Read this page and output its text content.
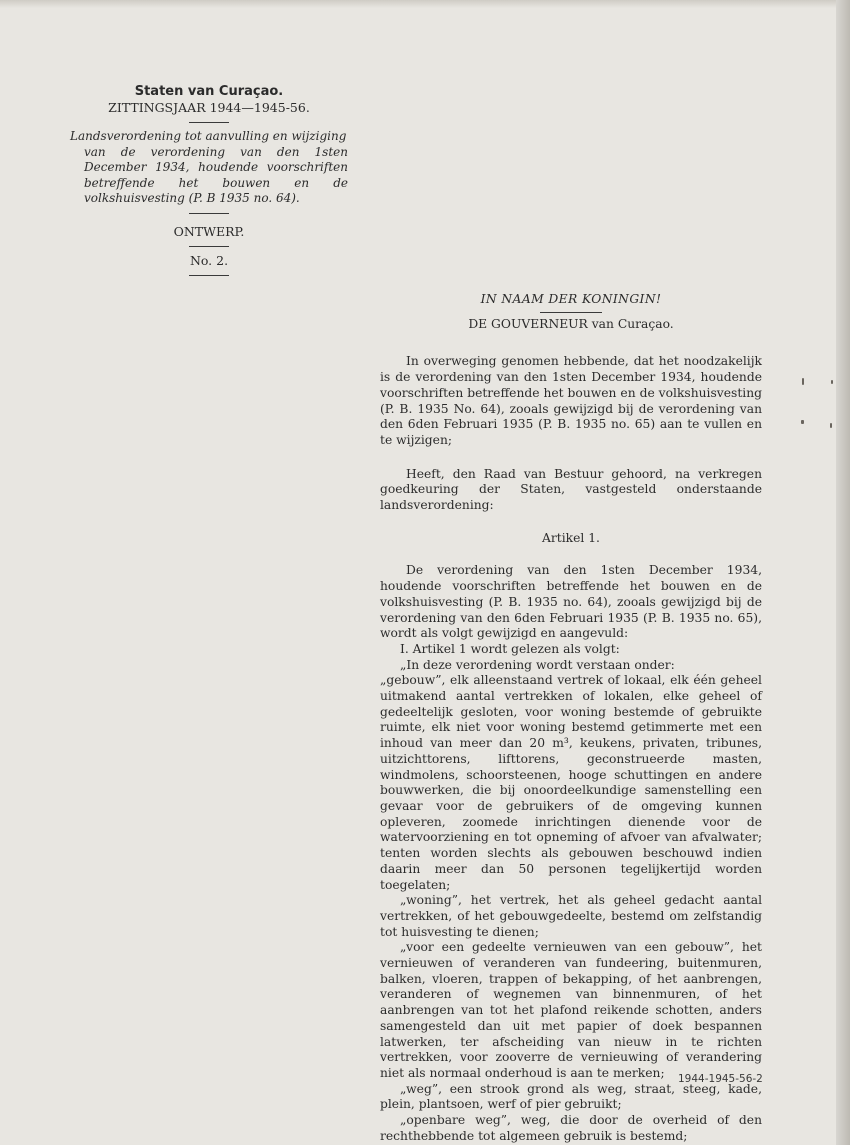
Staten van Curaçao.
ZITTINGSJAAR 1944—1945-56.
Landsverordening tot aanvulling en wijziging
van de verordening van den 1sten December 1934, houdende voorschriften betreffende het bouwen en de volkshuisvesting (P. B 1935 no. 64).
ONTWERP.
No. 2.
IN NAAM DER KONINGIN!
DE GOUVERNEUR van Curaçao.

In overweging genomen hebbende, dat het noodzakelijk is de verordening van den 1sten December 1934, houdende voorschriften betreffende het bouwen en de volkshuisvesting (P. B. 1935 No. 64), zooals gewijzigd bij de verordening van den 6den Februari 1935 (P. B. 1935 no. 65) aan te vullen en te wijzigen;

Heeft, den Raad van Bestuur gehoord, na verkregen goedkeuring der Staten, vastgesteld onderstaande landsverordening:

Artikel 1.

De verordening van den 1sten December 1934, houdende voorschriften betreffende het bouwen en de volkshuisvesting (P. B. 1935 no. 64), zooals gewijzigd bij de verordening van den 6den Februari 1935 (P. B. 1935 no. 65), wordt als volgt gewijzigd en aangevuld:

I. Artikel 1 wordt gelezen als volgt:

„In deze verordening wordt verstaan onder:

„gebouw”, elk alleenstaand vertrek of lokaal, elk één geheel uitmakend aantal vertrekken of lokalen, elke geheel of gedeeltelijk gesloten, voor woning bestemde of gebruikte ruimte, elk niet voor woning bestemd getimmerte met een inhoud van meer dan 20 m³, keukens, privaten, tribunes, uitzichttorens, lifttorens, geconstrueerde masten, windmolens, schoorsteenen, hooge schuttingen en andere bouwwerken, die bij onoordeelkundige samenstelling een gevaar voor de gebruikers of de omgeving kunnen opleveren, zoomede inrichtingen dienende voor de watervoorziening en tot opneming of afvoer van afvalwater; tenten worden slechts als gebouwen beschouwd indien daarin meer dan 50 personen tegelijkertijd worden toegelaten;

„woning”, het vertrek, het als geheel gedacht aantal vertrekken, of het gebouwgedeelte, bestemd om zelfstandig tot huisvesting te dienen;

„voor een gedeelte vernieuwen van een gebouw”, het vernieuwen of veranderen van fundeering, buitenmuren, balken, vloeren, trappen of bekapping, of het aanbrengen, veranderen of wegnemen van binnenmuren, of het aanbrengen van tot het plafond reikende schotten, anders samengesteld dan uit met papier of doek bespannen latwerken, ter afscheiding van nieuw in te richten vertrekken, voor zooverre de vernieuwing of verandering niet als normaal onderhoud is aan te merken;

„weg”, een strook grond als weg, straat, steeg, kade, plein, plantsoen, werf of pier gebruikt;

„openbare weg”, weg, die door de overheid of den rechthebbende tot algemeen gebruik is bestemd;

1944-1945-56-2
